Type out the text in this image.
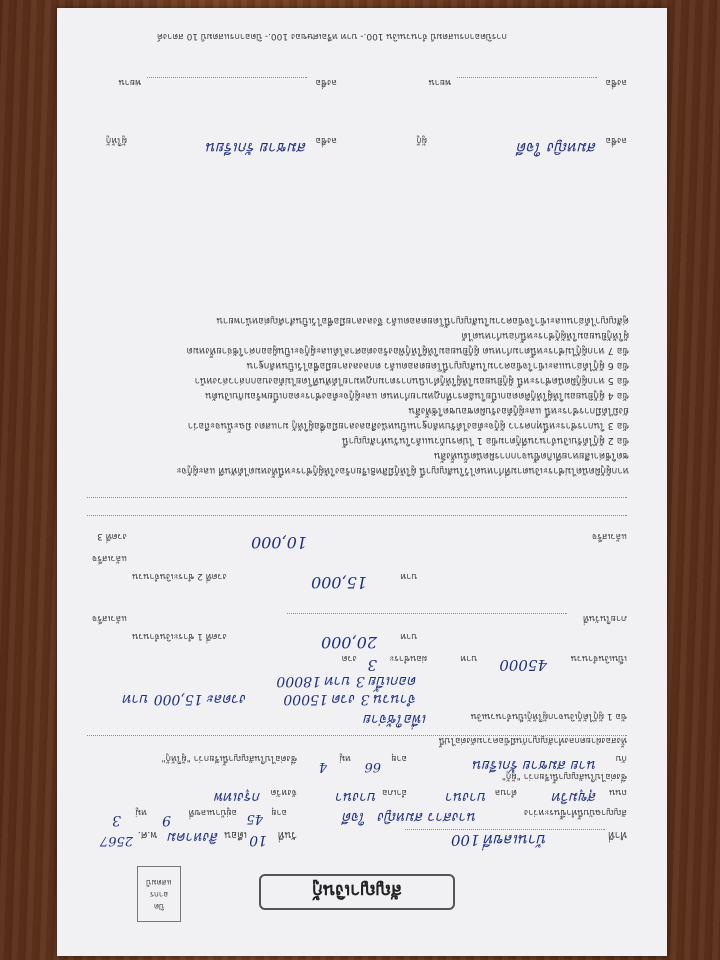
สัญญาเงินกู้
ปิด
อากร
แสตมป์
ทำที่
บ้านเลขที่ 100
วันที่
10
เดือน
สิงหาคม
พ.ศ.
2567
สัญญาฉบับนี้ทำขึ้นระหว่าง
นางสาว สมหญิง
ใจดี
อายุ
45
อยู่บ้านเลขที่
9
หมู่
3
ถนน
สุขุมวิท
ตำบล
บางนา
อำเภอ
บางนา
จังหวัด
กรุงเทพ
ซึ่งต่อไปในสัญญานี้เรียกว่า "ผู้กู้"
กับ
นาย สมชาย รักเรียน
อายุ
66
หมู่
4
ซึ่งต่อไปในสัญญานี้เรียกว่า "ผู้ให้กู้"
ทั้งสองฝ่ายตกลงทำสัญญากันมีข้อความดังต่อไปนี้
ข้อ 1 ผู้กู้ได้กู้เงินจากผู้ให้กู้เป็นจำนวนเงิน
เพื่อใช้จ่าย
จำนวน 3 งวด 15000
งวดละ 15,000 บาท
ดอกเบี้ย 3 บาท 18000
เป็นเงินจำนวน
45000
บาท
ผ่อนชำระ
3
งวด
งวดที่ 1 ชำระเงินจำนวน	20,000	บาท
ภายในวันที่
แล้วเสร็จ
งวดที่ 2 ชำระเงินจำนวน	15,000	บาท
แล้วเสร็จ
งวดที่ 3	10,000	แล้วเสร็จ
หากผู้กู้ผิดนัดไม่ชำระเงินตามที่กำหนดไว้ในสัญญานี้ ผู้ให้กู้มีสิทธิเรียกร้องให้ผู้กู้ชำระหนี้ทั้งหมดได้ทันที และผู้กู้จะ
ชดใช้ค่าเสียหายที่เกิดขึ้นจากการผิดนัดนั้นทั้งสิ้น
ข้อ 2 ผู้กู้ได้รับเงินจำนวนที่กู้ตามข้อ 1 ไปครบถ้วนแล้วในวันทำสัญญานี้
ข้อ 3 ในการชำระหนี้ทุกคราว ผู้กู้จะต้องได้รับหลักฐานเป็นหนังสือลงลายมือชื่อผู้ให้กู้ มาแสดง มิฉะนั้นจะถือว่า
ยังมิได้มีการชำระหนี้ และผู้กู้ต้องรับผิดชอบชดใช้ทั้งสิ้น
ข้อ 4 ผู้กู้ยินยอมให้ผู้ให้กู้คิดดอกเบี้ยในอัตราที่กฎหมายกำหนด และผู้กู้จะต้องชำระดอกเบี้ยพร้อมกับเงินต้น
ข้อ 5 หากผู้กู้ผิดนัดชำระหนี้ ผู้กู้ยินยอมให้ผู้ให้กู้ดำเนินการตามกฎหมายได้ทันทีโดยไม่ต้องบอกกล่าวล่วงหน้า
ข้อ 6 ผู้กู้ได้อ่านและเข้าใจข้อความในสัญญานี้โดยตลอดแล้ว ตกลงลงลายมือชื่อไว้เป็นหลักฐาน
ข้อ 7 หากผู้กู้ไม่ชำระหนี้ตามกำหนด ผู้กู้ยินยอมให้ผู้ให้กู้ฟ้องร้องต่อศาลได้และผู้กู้จะเป็นผู้ออกค่าใช้จ่ายทั้งหมด
ผู้ให้กู้ยินยอมให้ผู้กู้ชำระหนี้ก่อนกำหนดได้
คู่สัญญาได้อ่านและเข้าใจข้อความในสัญญานี้โดยตลอดแล้ว จึงลงลายมือชื่อไว้เป็นสำคัญต่อหน้าพยาน
ลงชื่อ
สมหญิง ใจดี
ผู้กู้
ลงชื่อ
สมชาย รักเรียน
ผู้ให้กู้
ลงชื่อ
พยาน
ลงชื่อ
พยาน
การปิดอากรแสตมป์ จำนวนเงิน 100.- บาท หรือเศษของ 100.- ปิดอากรแสตมป์ 10 สตางค์
